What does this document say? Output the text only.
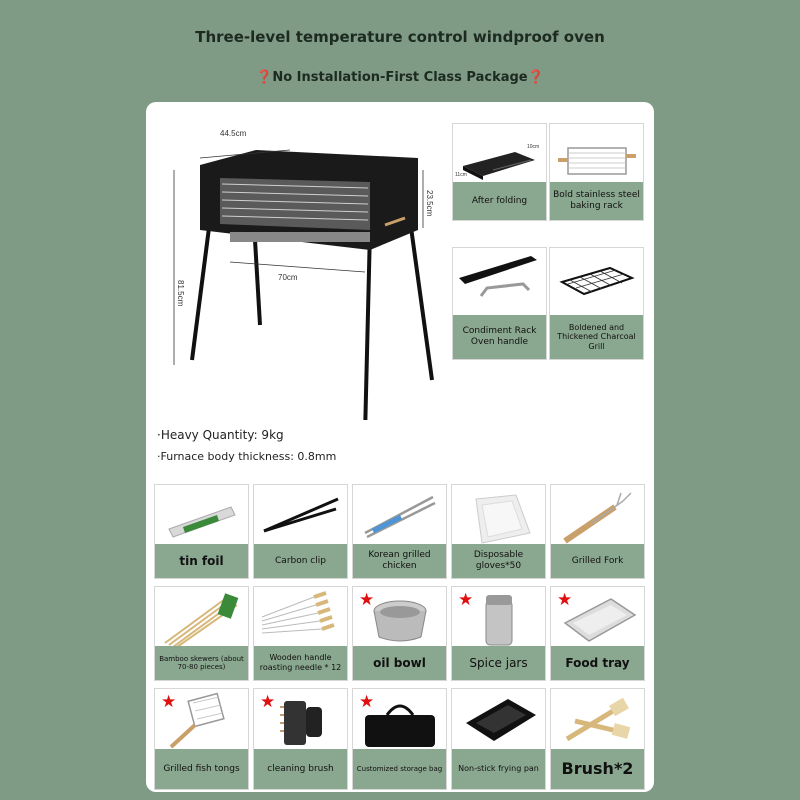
Three-level temperature control windproof oven
❓No Installation-First Class Package❓
44.5cm
70cm
81.5cm
23.5cm
·Heavy Quantity: 9kg
·Furnace body thickness: 0.8mm
10cm
11cm
After folding
Bold stainless steel baking rack
Condiment Rack Oven handle
Boldened and Thickened Charcoal Grill
tin foil	Carbon clip
Korean grilled chicken
Disposable gloves*50
Grilled Fork
Bamboo skewers (about 70-80 pieces)
Wooden handle roasting needle * 12
★
oil bowl
★
Spice jars
★
Food tray
★
Grilled fish tongs
★
cleaning brush
★
Customized storage bag	Non-stick frying pan	Brush*2
